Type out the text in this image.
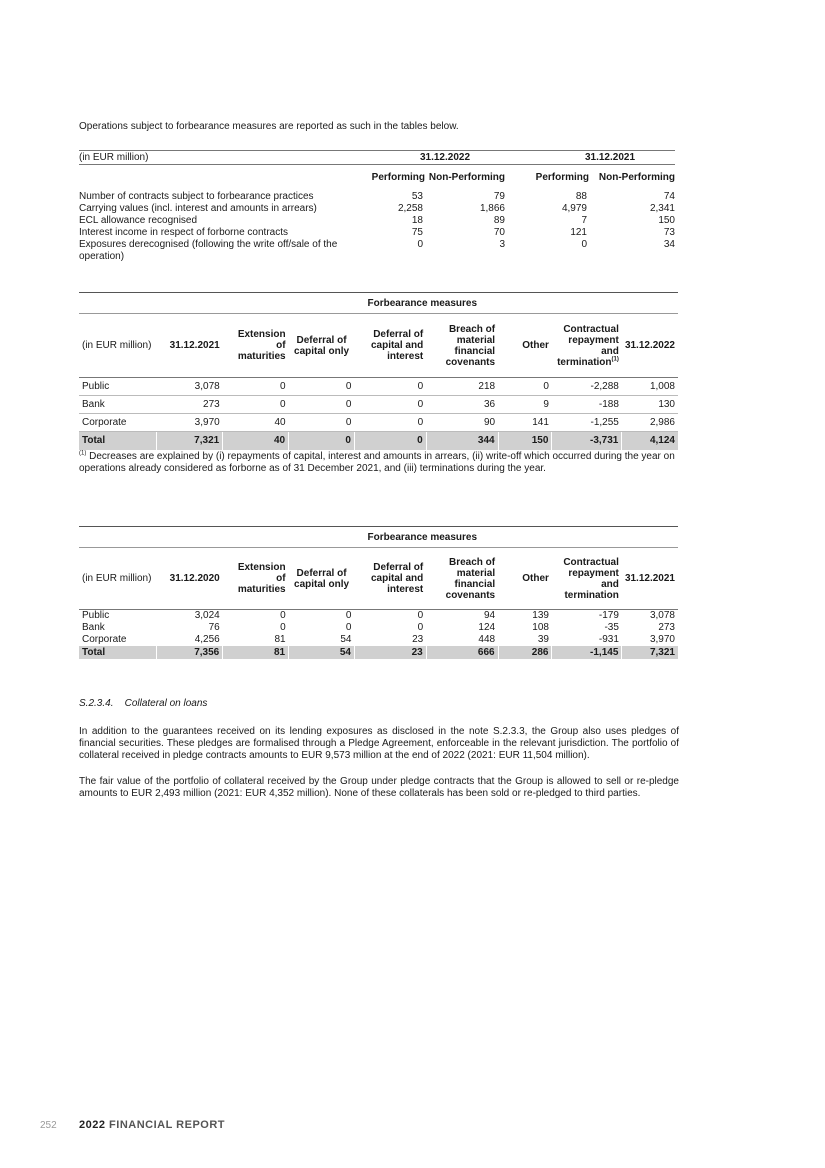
Operations subject to forbearance measures are reported as such in the tables below.
(in EUR million)	31.12.2022		31.12.2021	
	Performing	Non-Performing	Performing	Non-Performing
Number of contracts subject to forbearance practices	53	79	88	74
Carrying values (incl. interest and amounts in arrears)	2,258	1,866	4,979	2,341
ECL allowance recognised	18	89	7	150
Interest income in respect of forborne contracts	75	70	121	73
Exposures derecognised (following the write off/sale of the operation)	0	3	0	34
		Forbearance measures						
(in EUR million)	31.12.2021	Extension of maturities	Deferral of capital only	Deferral of capital and interest	Breach of material financial covenants	Other	Contractual repayment and termination$^{(1)}$	31.12.2022
Public	3,078	0	0	0	218	0	-2,288	1,008
Bank	273	0	0	0	36	9	-188	130
Corporate	3,970	40	0	0	90	141	-1,255	2,986
Total	7,321	40	0	0	344	150	-3,731	4,124
$^{(1)}$ Decreases are explained by (i) repayments of capital, interest and amounts in arrears, (ii) write-off which occurred during the year on operations already considered as forborne as of 31 December 2021, and (iii) terminations during the year.
		Forbearance measures						
(in EUR million)	31.12.2020	Extension of maturities	Deferral of capital only	Deferral of capital and interest	Breach of material financial covenants	Other	Contractual repayment and termination	31.12.2021
Public	3,024	0	0	0	94	139	-179	3,078
Bank	76	0	0	0	124	108	-35	273
Corporate	4,256	81	54	23	448	39	-931	3,970
Total	7,356	81	54	23	666	286	-1,145	7,321
S.2.3.4. Collateral on loans
In addition to the guarantees received on its lending exposures as disclosed in the note S.2.3.3, the Group also uses pledges of financial securities. These pledges are formalised through a Pledge Agreement, enforceable in the relevant jurisdiction. The portfolio of collateral received in pledge contracts amounts to EUR 9,573 million at the end of 2022 (2021: EUR 11,504 million).
The fair value of the portfolio of collateral received by the Group under pledge contracts that the Group is allowed to sell or re-pledge amounts to EUR 2,493 million (2021: EUR 4,352 million). None of these collaterals has been sold or re-pledged to third parties.
252 2022 FINANCIAL REPORT
